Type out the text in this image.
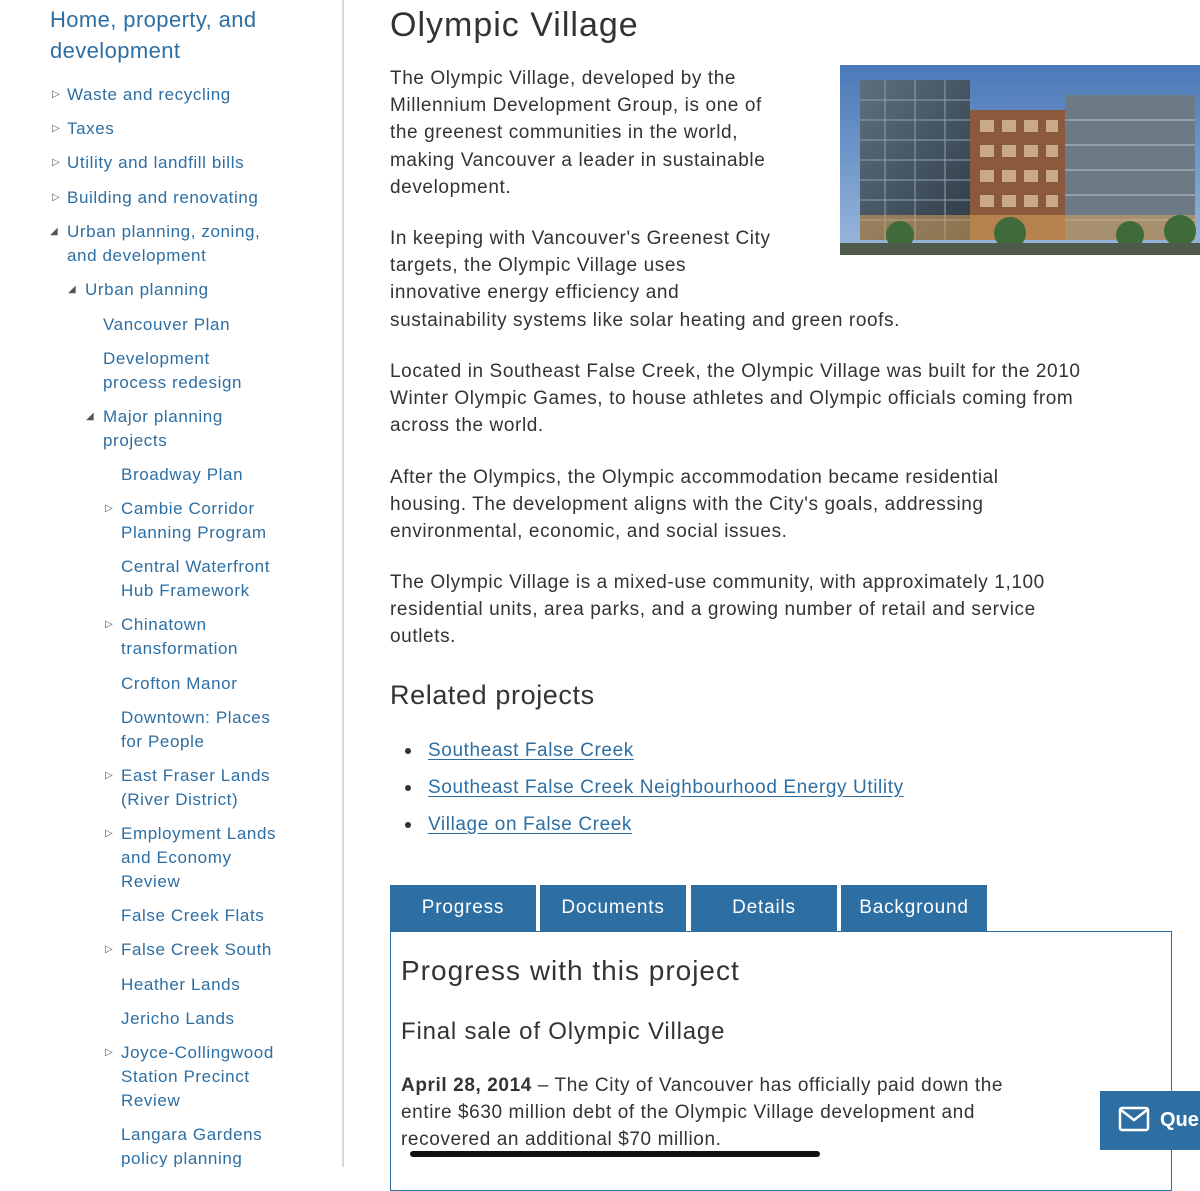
Home, property, and development
▷ Waste and recycling
▷ Taxes
▷ Utility and landfill bills
▷ Building and renovating
◢ Urban planning, zoning,
and development
◢ Urban planning
Vancouver Plan
Development
process redesign
◢ Major planning
projects
Broadway Plan
▷ Cambie Corridor
Planning Program
Central Waterfront
Hub Framework
▷ Chinatown
transformation
Crofton Manor
Downtown: Places
for People
▷ East Fraser Lands
(River District)
▷ Employment Lands
and Economy
Review
False Creek Flats
▷ False Creek South
Heather Lands
Jericho Lands
▷ Joyce-Collingwood
Station Precinct
Review
Langara Gardens
policy planning
Olympic Village

The Olympic Village, developed by the
Millennium Development Group, is one of
the greenest communities in the world,
making Vancouver a leader in sustainable
development.

In keeping with Vancouver's Greenest City
targets, the Olympic Village uses
innovative energy efficiency and
sustainability systems like solar heating and green roofs.

Located in Southeast False Creek, the Olympic Village was built for the 2010
Winter Olympic Games, to house athletes and Olympic officials coming from
across the world.

After the Olympics, the Olympic accommodation became residential
housing. The development aligns with the City's goals, addressing
environmental, economic, and social issues.

The Olympic Village is a mixed-use community, with approximately 1,100
residential units, area parks, and a growing number of retail and service
outlets.

Related projects
Southeast False Creek
Southeast False Creek Neighbourhood Energy Utility
Village on False Creek
Progress	Documents	Details	Background
Progress with this project
Final sale of Olympic Village

April 28, 2014 – The City of Vancouver has officially paid down the
entire $630 million debt of the Olympic Village development and
recovered an additional $70 million.

Que
